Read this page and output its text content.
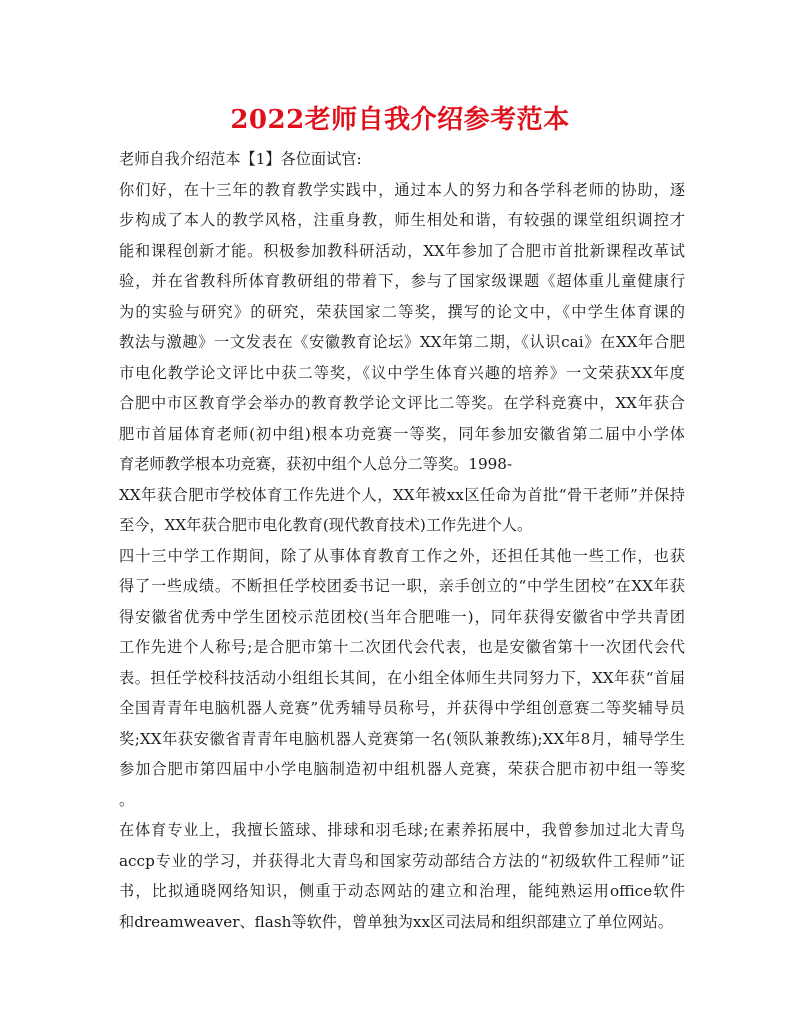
2022老师自我介绍参考范本
老师自我介绍范本【1】各位面试官:
你们好，在十三年的教育教学实践中，通过本人的努力和各学科老师的协助，逐
步构成了本人的教学风格，注重身教，师生相处和谐，有较强的课堂组织调控才
能和课程创新才能。积极参加教科研活动，XX年参加了合肥市首批新课程改革试
验，并在省教科所体育教研组的带着下，参与了国家级课题《超体重儿童健康行
为的实验与研究》的研究，荣获国家二等奖，撰写的论文中，《中学生体育课的
教法与激趣》一文发表在《安徽教育论坛》XX年第二期，《认识cai》在XX年合肥
市电化教学论文评比中获二等奖，《议中学生体育兴趣的培养》一文荣获XX年度
合肥中市区教育学会举办的教育教学论文评比二等奖。在学科竞赛中，XX年获合
肥市首届体育老师(初中组)根本功竞赛一等奖，同年参加安徽省第二届中小学体
育老师教学根本功竞赛，获初中组个人总分二等奖。1998-
XX年获合肥市学校体育工作先进个人，XX年被xx区任命为首批“骨干老师”并保持
至今，XX年获合肥市电化教育(现代教育技术)工作先进个人。
四十三中学工作期间，除了从事体育教育工作之外，还担任其他一些工作，也获
得了一些成绩。不断担任学校团委书记一职，亲手创立的“中学生团校”在XX年获
得安徽省优秀中学生团校示范团校(当年合肥唯一)，同年获得安徽省中学共青团
工作先进个人称号;是合肥市第十二次团代会代表，也是安徽省第十一次团代会代
表。担任学校科技活动小组组长其间，在小组全体师生共同努力下，XX年获“首届
全国青青年电脑机器人竞赛”优秀辅导员称号，并获得中学组创意赛二等奖辅导员
奖;XX年获安徽省青青年电脑机器人竞赛第一名(领队兼教练);XX年8月，辅导学生
参加合肥市第四届中小学电脑制造初中组机器人竞赛，荣获合肥市初中组一等奖
。
在体育专业上，我擅长篮球、排球和羽毛球;在素养拓展中，我曾参加过北大青鸟
accp专业的学习，并获得北大青鸟和国家劳动部结合方法的“初级软件工程师”证
书，比拟通晓网络知识，侧重于动态网站的建立和治理，能纯熟运用office软件
和dreamweaver、flash等软件，曾单独为xx区司法局和组织部建立了单位网站。
